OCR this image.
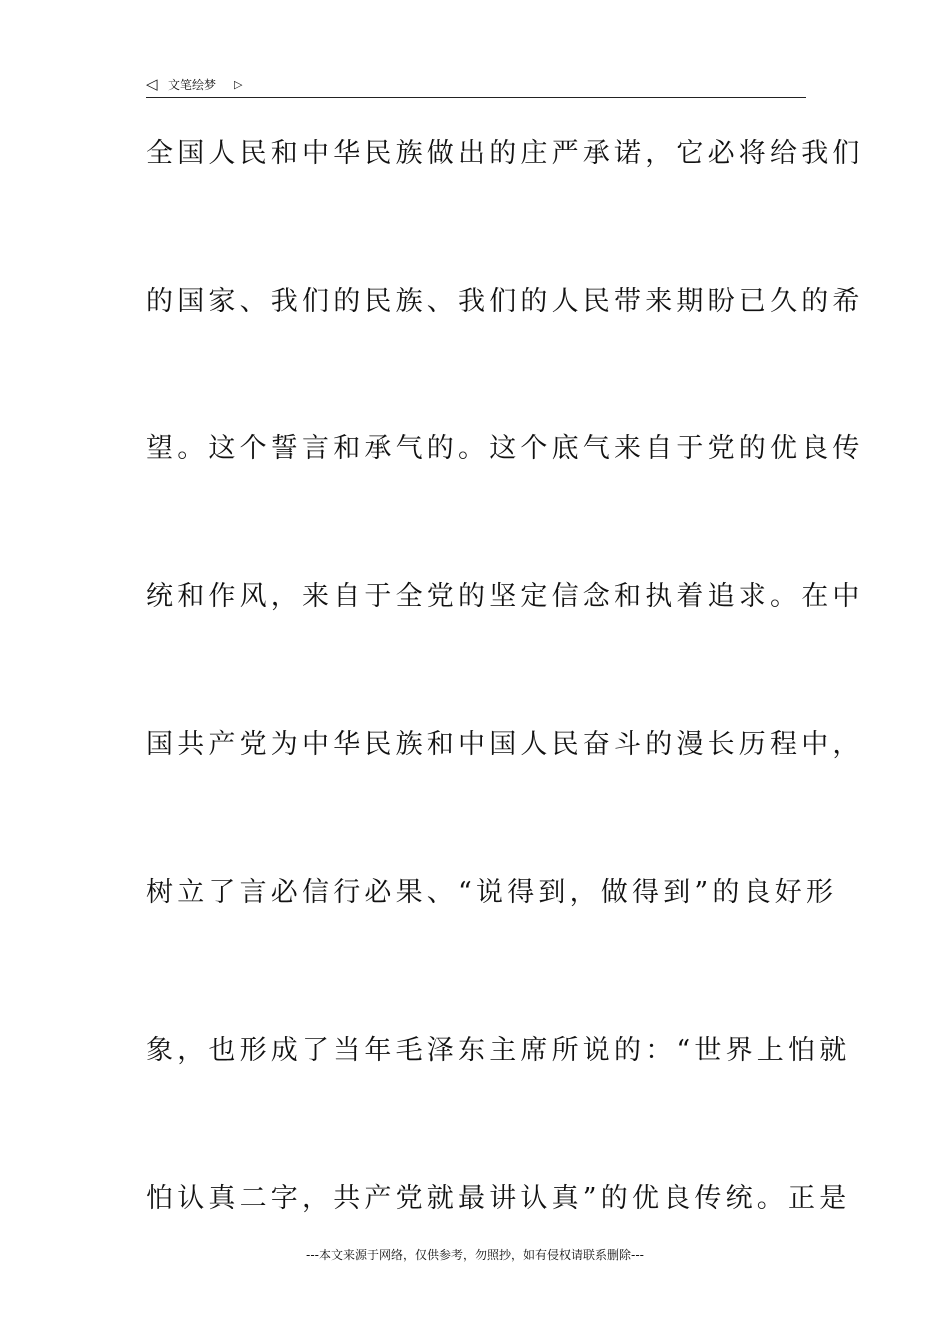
◁ 文笔绘梦 ▷
全国人民和中华民族做出的庄严承诺，它必将给我们
的国家、我们的民族、我们的人民带来期盼已久的希
望。这个誓言和承气的。这个底气来自于党的优良传
统和作风，来自于全党的坚定信念和执着追求。在中
国共产党为中华民族和中国人民奋斗的漫长历程中，
树立了言必信行必果、“说得到，做得到”的良好形
象，也形成了当年毛泽东主席所说的：“世界上怕就
怕认真二字，共产党就最讲认真”的优良传统。正是
---本文来源于网络，仅供参考，勿照抄，如有侵权请联系删除---
